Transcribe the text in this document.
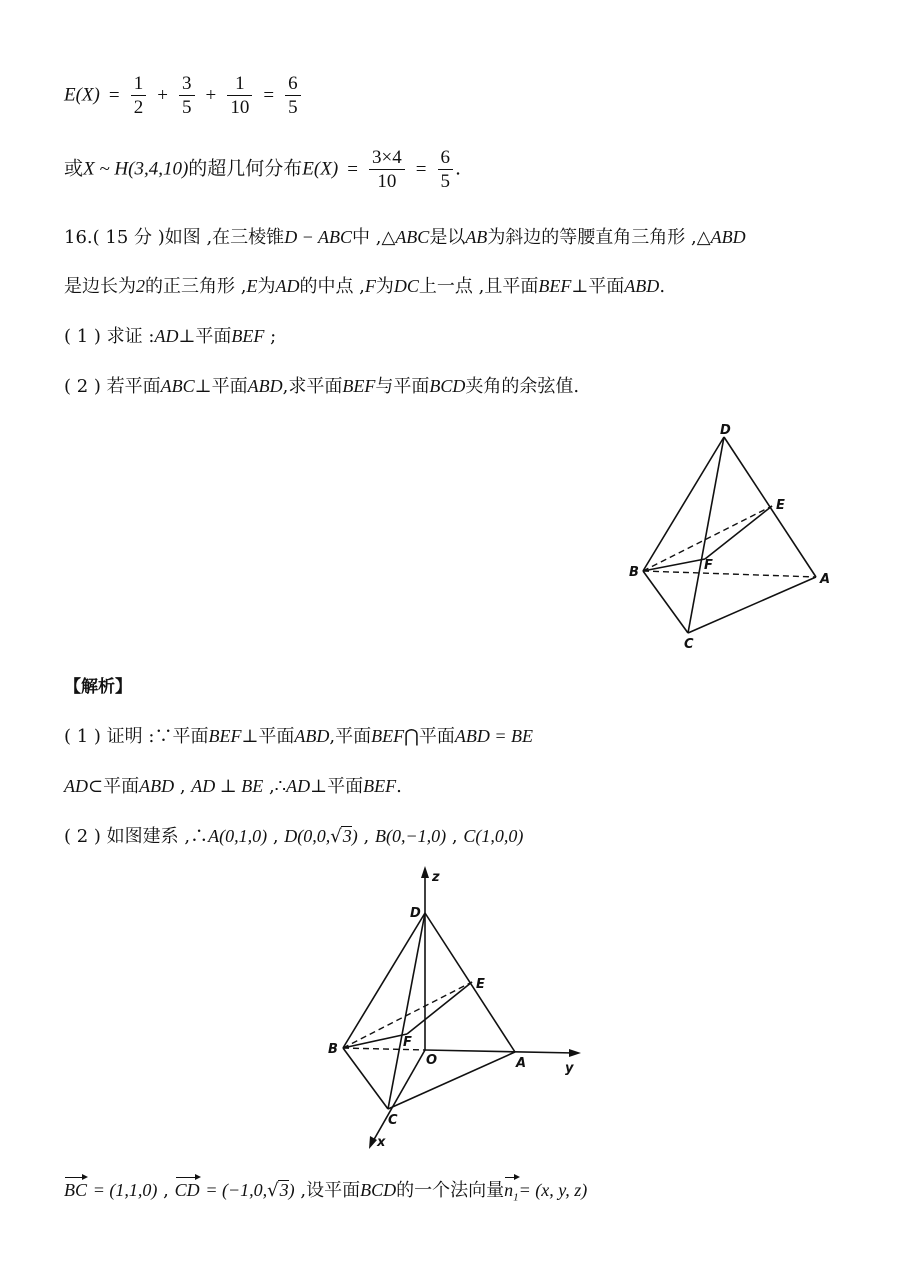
$E(X) = \frac{1}{2} + \frac{3}{5} + \frac{1}{10} = \frac{6}{5}$
或X ~ H(3,4,10)的超几何分布$E(X) = \frac{3\times 4}{10} = \frac{6}{5}$ .
16.( 15 分 )如图 ,在三棱锥D − ABC中 ,△ABC是以AB为斜边的等腰直角三角形 ,△ABD
是边长为2的正三角形 ,E为AD的中点 ,F为DC上一点 ,且平面BEF⊥平面ABD.
( 1 ) 求证 :AD⊥平面BEF ;
( 2 ) 若平面ABC⊥平面ABD,求平面BEF与平面BCD夹角的余弦值.
D
E
F
B	A
C
【解析】
( 1 ) 证明 :∵平面BEF⊥平面ABD,平面BEF⋂平面ABD = BE
AD⊂平面ABD , AD ⊥ BE ,∴AD⊥平面BEF.
( 2 ) 如图建系 ,∴A(0,1,0) , D(0,0,√3) , B(0,−1,0) , C(1,0,0)
z
D
E
F
B
O	A	y
C
x
BC = (1,1,0) , CD = (−1,0,√3) ,设平面BCD的一个法向量$n_1= (x$, y, z)
